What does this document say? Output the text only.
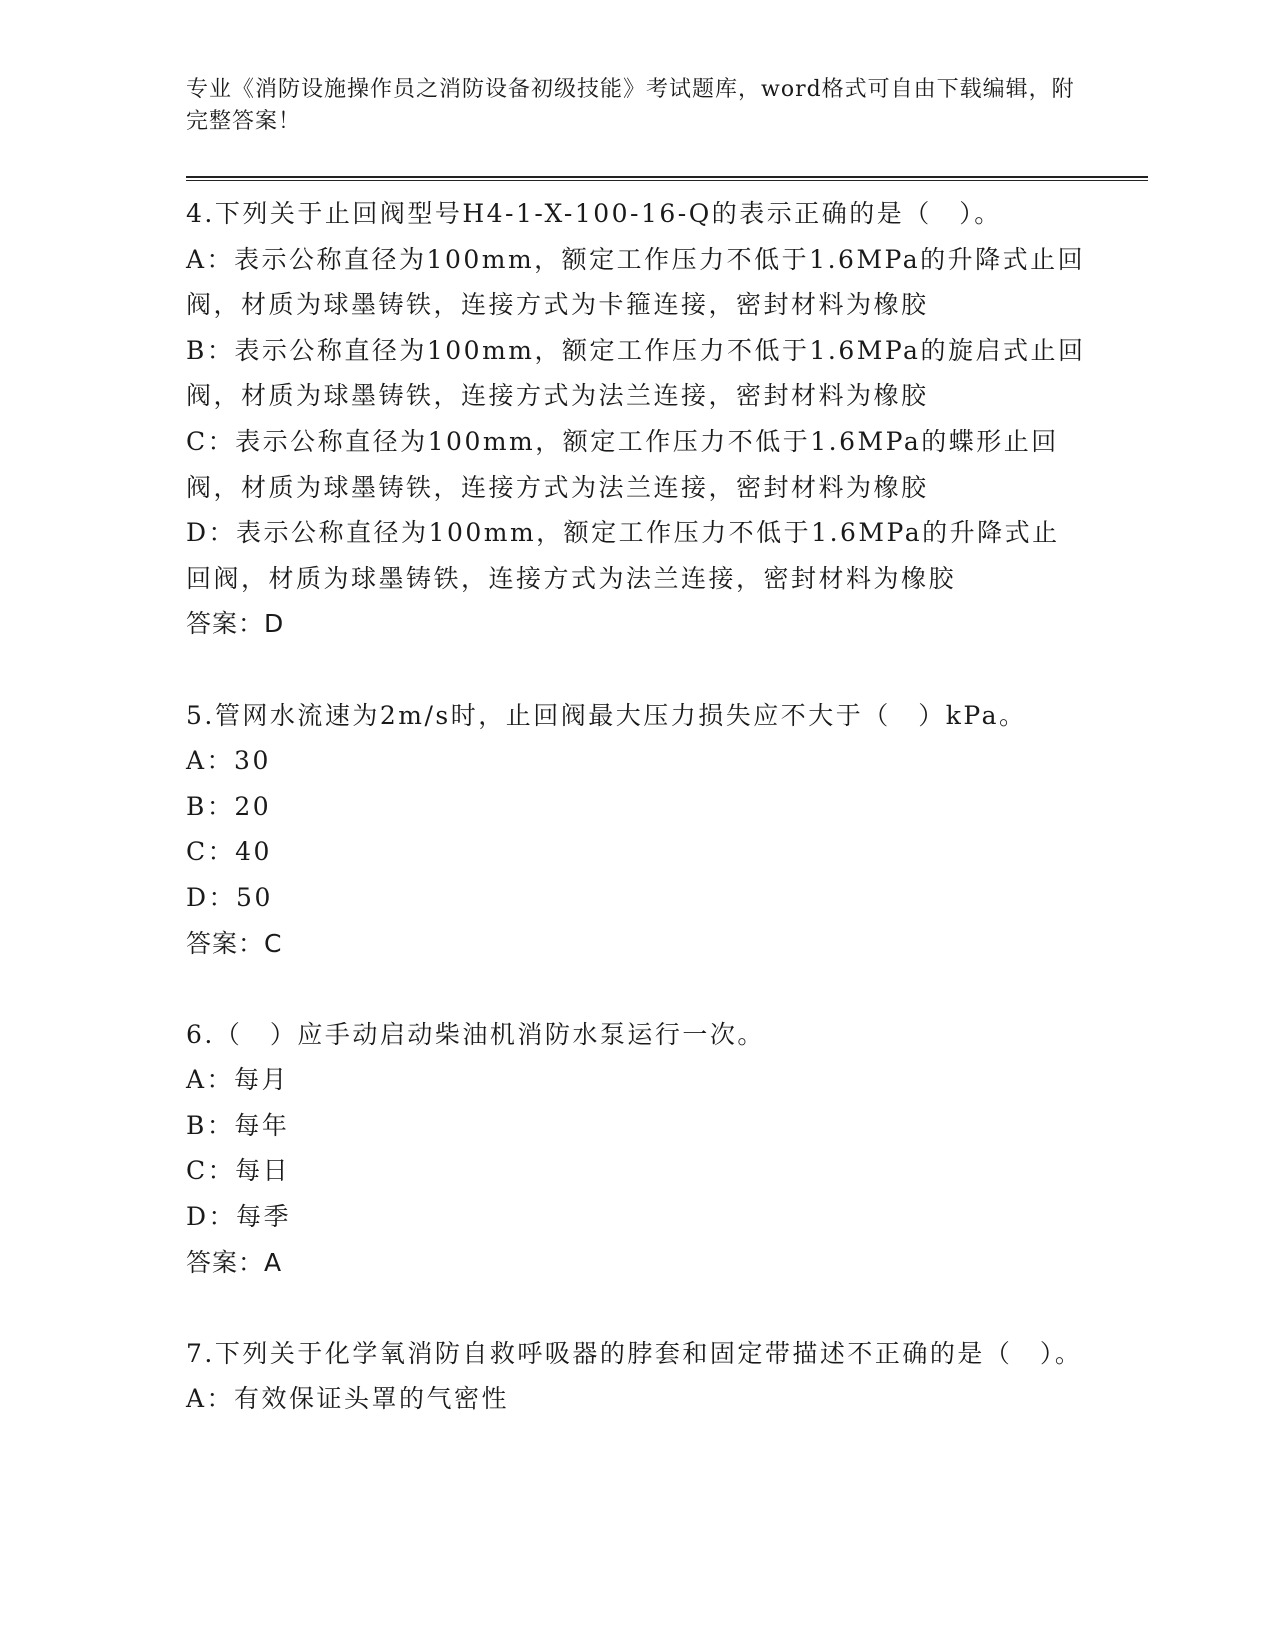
专业《消防设施操作员之消防设备初级技能》考试题库，word格式可自由下载编辑，附完整答案！
4.下列关于止回阀型号H4-1-X-100-16-Q的表示正确的是（　）。
A：表示公称直径为100mm，额定工作压力不低于1.6MPa的升降式止回阀，材质为球墨铸铁，连接方式为卡箍连接，密封材料为橡胶
B：表示公称直径为100mm，额定工作压力不低于1.6MPa的旋启式止回阀，材质为球墨铸铁，连接方式为法兰连接，密封材料为橡胶
C：表示公称直径为100mm，额定工作压力不低于1.6MPa的蝶形止回阀，材质为球墨铸铁，连接方式为法兰连接，密封材料为橡胶
D：表示公称直径为100mm，额定工作压力不低于1.6MPa的升降式止回阀，材质为球墨铸铁，连接方式为法兰连接，密封材料为橡胶
答案：D
5.管网水流速为2m/s时，止回阀最大压力损失应不大于（　）kPa。
A：30
B：20
C：40
D：50
答案：C
6.（　）应手动启动柴油机消防水泵运行一次。
A：每月
B：每年
C：每日
D：每季
答案：A
7.下列关于化学氧消防自救呼吸器的脖套和固定带描述不正确的是（　）。
A：有效保证头罩的气密性
